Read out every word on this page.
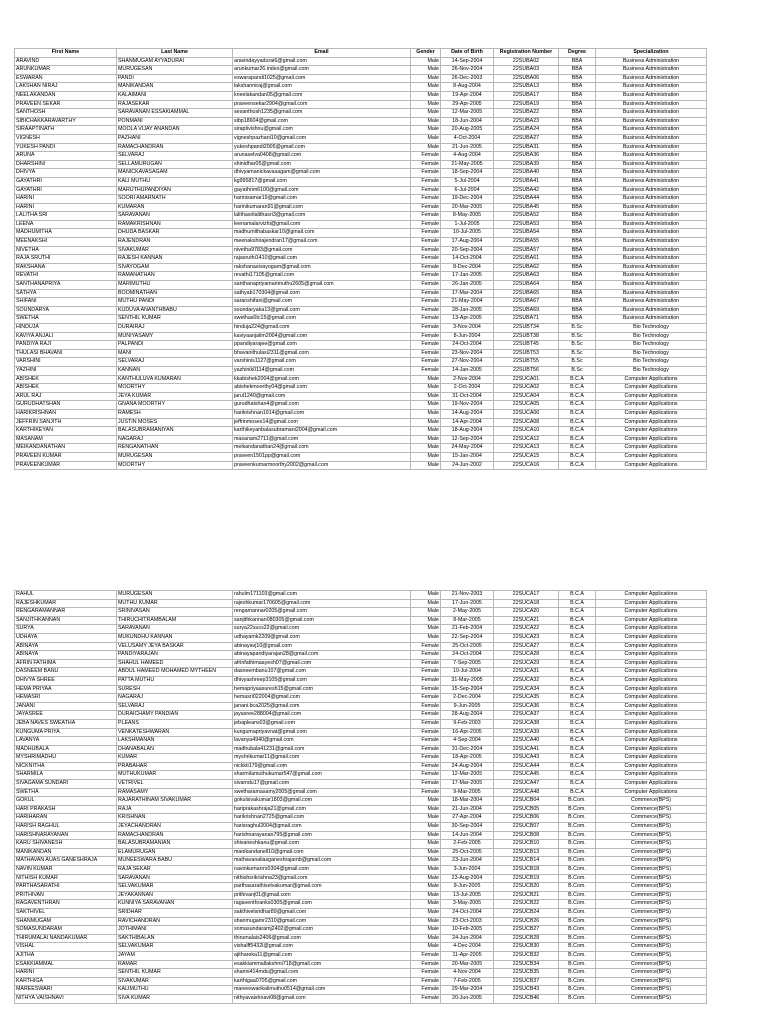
First Name	Last Name	Email	Gender	Date of Birth	Registration Number	Degree	Specialization
ARAVIND	SHANMUGAM AYYADURAI	aravindayyadurai6@gmail.com	Male	14-Sep-2004	22SUBA02	BBA	Business Administration
ARUNKUMAR	MURUGESAN	arunkumar26.index@gmail.com	Male	26-Nov-2004	22SUBA03	BBA	Business Administration
ESWARAN	PANDI	eswarapandi1025@gmail.com	Male	26-Dec-2003	22SUBA06	BBA	Business Administration
LAKSHAN NIRAJ	MANIKANDAN	lakshanniraj@gmail.com	Male	8-Aug-2004	22SUBA13	BBA	Business Administration
NEELAKANDAN	KALAIMANI	kneelakandan05@gmail.com	Male	19-Apr-2004	22SUBA17	BBA	Business Administration
PRAVEEN SEKAR	RAJASEKAR	praveensekar2904@gmail.com	Male	29-Apr-2005	22SUBA19	BBA	Business Administration
SANTHOSH	SARAVANAN ESSAKIAMMAL	sesanthosh1235@gmail.com	Male	12-Mar-2005	22SUBA22	BBA	Business Administration
SIBICHAKKARAVARTHY	PONMANI	sibp18604@gmail.com	Male	18-Jun-2004	22SUBA23	BBA	Business Administration
SIRAAPTINATH	MOOLA VIJAY ANANDAN	siraptivishnu@gmail.com	Male	20-Aug-2005	22SUBA24	BBA	Business Administration
VIGNESH	PAZHANI	vigneshpazhani10@gmail.com	Male	4-Oct-2004	22SUBA27	BBA	Business Administration
YUKESH PANDI	RAMACHANDRAN	yukeshpandi2005@gmail.com	Male	21-Jun-2005	22SUBA31	BBA	Business Administration
ARUNA	SELVARAJ	arunaselva0408@gmail.com	Female	4-Aug-2004	22SUBA36	BBA	Business Administration
DHARSHINI	SELLAMURUGAN	shinidhar05@gmail.com	Female	21-May-2005	22SUBA39	BBA	Business Administration
DHIVYA	MANICKAVASAGAM	dhivyamanickavasagam@gmail.com	Female	18-Sep-2004	22SUBA40	BBA	Business Administration
GAYATHRI	KALI MUTHU	kg995817@gmail.com	Female	5-Jul-2004	22SUBA41	BBA	Business Administration
GAYATHRI	MARUTHUPANDIYAN	gayathrim6100@gmail.com	Female	6-Jul-2004	22SUBA42	BBA	Business Administration
HARINI	SOORI AMARNATH	harinisamar19@gmail.com	Female	19-Dec-2004	22SUBA44	BBA	Business Administration
HARINI	KUMARAN	harinikumaran91@gmail.com	Female	20-Mar-2005	22SUBA45	BBA	Business Administration
LALITHA SRI	SARAVANAN	lalithasrilalithasri3@gmail.com	Female	8-May-2005	22SUBA52	BBA	Business Administration
LEENA	RAMAKRISHNAN	leenamalarvizhi@gmail.com	Female	1-Jul-2005	22SUBA53	BBA	Business Administration
MADHUMITHA	DHUDA BASKAR	madhumithabaskar10@gmail.com	Female	10-Jul-2005	22SUBA54	BBA	Business Administration
MEENAKSHI	RAJENDRAN	meenakshirajendran17@gmail.com	Female	17-Aug-2004	22SUBA55	BBA	Business Administration
NIVETHA	SIVAKUMAR	nivetha9783@gmail.com	Female	20-Sep-2004	22SUBA57	BBA	Business Administration
RAJA SRUTHI	RAJESH KANNAN	rajasruthi1410@gmail.com	Female	14-Oct-2004	22SUBA61	BBA	Business Administration
RAKSHANA	SIVAYOGAM	rakshanasivayogam@gmail.com	Female	8-Dec-2004	22SUBA62	BBA	Business Administration
REVATHI	RAMANATHAN	revathi17105@gmail.com	Female	17-Jan-2005	22SUBA63	BBA	Business Administration
SANTHANAPRIYA	MARIMUTHU	santhanapriyamarimuthu2605@gmail.com	Female	26-Jan-2005	22SUBA64	BBA	Business Administration
SATHYA	BOOMINATHAN	sathyab170304@gmail.com	Female	17-Mar-2004	22SUBA65	BBA	Business Administration
SHIFANI	MUTHU PANDI	saranshifani@gmail.com	Female	21-May-2004	22SUBA67	BBA	Business Administration
SOUNDARYA	KUDUVA ANANTHBABU	soundaryaka13@gmail.com	Female	28-Jan-2005	22SUBA69	BBA	Business Administration
SWETHA	SENTHIL KUMAR	swethas0tc15@gmail.com	Female	13-Apr-2005	22SUBA71	BBA	Business Administration
HINDUJA	DURAIRAJ	hinduja224@gmail.com	Female	3-Nov-2004	22SUBT34	B.Sc	Bio Technology
KAVIYA ANJALI	MUNIYASAMY	kaviyaanjalim2004@gmail.com	Female	8-Jun-2004	22SUBT38	B.Sc	Bio Technology
PANDIYA RAJI	PALPANDI	ppandiyarajee@gmail.com	Female	24-Oct-2004	22SUBT45	B.Sc	Bio Technology
THULASI BHAVANI	MANI	bhavanithulasi2311@gmail.com	Female	23-Nov-2004	22SUBT53	B.Sc	Bio Technology
VARSHINI	SELVARAJ	varshinis1127@gmail.com	Female	27-Nov-2004	22SUBT55	B.Sc	Bio Technology
YAZHINI	KANNAN	yazhinik0114@gmail.com	Female	14-Jan-2005	22SUBT56	B.Sc	Bio Technology
ABISHEK	KANTHULUVA KUMARAN	kkabishek2004@gmail.com	Male	2-Nov-2004	22SUCA01	B.C.A	Computer Applications
ABISHEK	MOORTHY	abishekmoorthy04@gmail.com	Male	2-Oct-2004	22SUCA02	B.C.A	Computer Applications
ARUL RAJ	JEYA KUMAR	jarul1240@gmail.com	Male	31-Oct-2004	22SUCA04	B.C.A	Computer Applications
GURUDHATSHAN	GNANA MOORTHY	gurudhatshan4@gmail.com	Male	19-Nov-2004	22SUCA05	B.C.A	Computer Applications
HARIKRISHNAN	RAMESH	harikrishnan1914@gmail.com	Male	14-Aug-2004	22SUCA06	B.C.A	Computer Applications
JEFFRIN SANJITH	JUSTIN MOSES	jeffrinmoses14@gmail.com	Male	14-Apr-2004	22SUCA08	B.C.A	Computer Applications
KARTHIKEYAN	BALASUBRAMANIYAN	karthikeyanbalasubramani2004@gmail.com	Male	18-Aug-2004	22SUCA10	B.C.A	Computer Applications
MASANAM	NAGARAJ	masanam2711@gmail.com	Male	12-Sep-2004	22SUCA12	B.C.A	Computer Applications
MEIKANDANATHAN	RENGANATHAN	meikandanathan24@gmail.com	Male	24-May-2004	22SUCA13	B.C.A	Computer Applications
PRAVEEN KUMAR	MURUGESAN	praveen1501pp@gmail.com	Male	15-Jan-2004	22SUCA15	B.C.A	Computer Applications
PRAVEENKUMAR	MOORTHY	praveenkumarmoorthy2002@gmail.com	Male	24-Jun-2002	22SUCA16	B.C.A	Computer Applications
RAHUL	MURUGESAN	rahulm171103@gmail.com	Male	21-Nov-2003	22SUCA17	B.C.A	Computer Applications
RAJESHKUMAR	MUTHU KUMAR	rajeshkumar170605@gmail.com	Male	17-Jun-2005	22SUCA18	B.C.A	Computer Applications
RENGARAMANNAR	SRINIVASAN	rengamannar0205@gmail.com	Male	2-May-2005	22SUCA20	B.C.A	Computer Applications
SANJITHKANNAN	THIRUCHITRAMBALAM	sanjithkannan080305@gmail.com	Male	8-Mar-2005	22SUCA21	B.C.A	Computer Applications
SURYA	SARAVANAN	surya22sucs22@gmail.com	Male	21-Feb-2004	22SUCA22	B.C.A	Computer Applications
UDHAYA	MUKUNDHU KANNAN	udhayamk2209@gmail.com	Male	22-Sep-2004	22SUCA23	B.C.A	Computer Applications
ABINAYA	VELUSAMY JEYA BASKAR	abinayavj10@gmail.com	Female	25-Oct-2005	22SUCA27	B.C.A	Computer Applications
ABINAYA	PANDIYARAJAN	abinayapandiyarajan28@gmail.com	Female	24-Oct-2004	22SUCA28	B.C.A	Computer Applications
AFRIN FATHIMA	SHAHUL HAMEED	afrinfathimaayesh07@gmail.com	Female	7-Sep-2005	22SUCA29	B.C.A	Computer Applications
DASNEEM BANU	ABDUL HAMEED MOHAMED MYTHEEN	dasneembanu107@gmail.com	Female	10-Jul-2004	22SUCA31	B.C.A	Computer Applications
DHIVYA SHREE	PATTA MUTHU	dhivyashreep3105@gmail.com	Female	31-May-2005	22SUCA32	B.C.A	Computer Applications
HEMA PRIYAA	SURESH	hemapriyaasuresh15@gmail.com	Female	15-Sep-2004	22SUCA34	B.C.A	Computer Applications
HEMASRI	NAGARAJ	hemasri022004@gmail.com	Female	2-Dec-2004	22SUCA35	B.C.A	Computer Applications
JANANI	SELVARAJ	janani.bca2025@gmail.com	Female	9-Jun-2005	22SUCA36	B.C.A	Computer Applications
JAYASREE	DURAICHAMY PANDIAN	jayasree288004@gmail.com	Female	28-Aug-2004	22SUCA37	B.C.A	Computer Applications
JEBA NAVES SWEATHA	PLEANS	jebapleans03@gmail.com	Female	9-Feb-2003	22SUCA38	B.C.A	Computer Applications
KUNGUMA PRIYA	VENKATESHWARAN	kungumapriyavnat@gmail.com	Female	16-Apr-2005	22SUCA39	B.C.A	Computer Applications
LAVANYA	LAKSHMANAN	lavanya4940@gmail.com	Female	4-Sep-2004	22SUCA40	B.C.A	Computer Applications
MADHUBALA	DHANABALAN	madhubala41231@gmail.com	Female	31-Dec-2004	22SUCA41	B.C.A	Computer Applications
MYSHRIMADHU	KUMAR	myshrikumar11@gmail.com	Female	18-Apr-2005	22SUCA43	B.C.A	Computer Applications
NICKNITHA	PRABAHAR	nickkti179@gmail.com	Female	24-Aug-2004	22SUCA44	B.C.A	Computer Applications
SHARMILA	MUTHUKUMAR	sharmilamuthukumar547@gmail.com	Female	12-Mar-2005	22SUCA45	B.C.A	Computer Applications
SIVAGAMA SUNDARI	VETRIVEL	sivamdu17@gmail.com	Female	17-Mar-2005	22SUCA47	B.C.A	Computer Applications
SWETHA	RAMASAMY	swetharamasamy2005@gmail.com	Female	9-Mar-2005	22SUCA48	B.C.A	Computer Applications
GOKUL	RAJARATHINAM SIVAKUMAR	gokulsivakumar1803@gmail.com	Male	18-Mar-2004	22SUCB04	B.Com.	Commerce(BPS)
HARI PRAKASH	RAJA	hariprakashraja21@gmail.com	Male	21-Jun-2004	22SUCB05	B.Com.	Commerce(BPS)
HARIHARAN	KRISHNAN	harikrishnan2725@gmail.com	Male	27-Apr-2004	22SUCB06	B.Com.	Commerce(BPS)
HARISH RAGHUL	JEYACHANDRAN	harisraghul2004@gmail.com	Male	30-Sep-2004	22SUCB07	B.Com.	Commerce(BPS)
HARISHNARAYANAN	RAMACHANDRAN	harishnarayanan795@gmail.com	Male	14-Jun-2004	22SUCB08	B.Com.	Commerce(BPS)
KARU SHIVANESH	BALASUBRAMANIAN	shivaneshkanu@gmail.com	Male	2-Feb-2005	22SUCB10	B.Com.	Commerce(BPS)
MANIKANDAN	ELAMURUGAN	manikandanell10@gmail.com	Male	25-Oct-2005	22SUCB13	B.Com.	Commerce(BPS)
MATHAVAN AUAS GANESHRAJA	MUNEESWARA BABU	mathavanaliasganeshrajamb@gmail.com	Male	23-Jun-2004	22SUCB14	B.Com.	Commerce(BPS)
NAVIN KUMAR	RAJA SEKAR	navinkumarrrs0304@gmail.com	Male	3-Jun-2004	22SUCB18	B.Com.	Commerce(BPS)
NITHISH KUMAR	SARAVANAN	nithishsrikrishna23@gmail.com	Male	23-Aug-2004	22SUCB19	B.Com.	Commerce(BPS)
PARTHASARATHI	SELVAKUMAR	parthasarathiselvakumar@gmail.com	Male	9-Jun-2005	22SUCB20	B.Com.	Commerce(BPS)
PRITHIVAN	JEYAKANNAN	prithivanj01@gmail.com	Male	13-Jul-2005	22SUCB21	B.Com.	Commerce(BPS)
RAGAVENTHRAN	KUNNIYA SARAVANAN	ragaventhranks0305@gmail.com	Male	3-May-2005	22SUCB22	B.Com.	Commerce(BPS)
SAKTHIVEL	SRIDHAR	sakthivelsridhar89@gmail.com	Male	24-Oct-2004	22SUCB24	B.Com.	Commerce(BPS)
SHANMUGAM	RAVICHANDRAN	shanmugamr2310@gmail.com	Male	23-Oct-2003	22SUCB26	B.Com.	Commerce(BPS)
SOMASUNDARAM	JOTHIMANI	somasundaramj2402@gmail.com	Male	10-Feb-2005	22SUCB27	B.Com.	Commerce(BPS)
THIRUMALAI NANDAKUMAR	SAKTHIBALAN	thirumalais2406@gmail.com	Male	24-Jun-2004	22SUCB28	B.Com.	Commerce(BPS)
VISHAL	SELVAKUMAR	vishalff5432l@gmail.com	Male	4-Dec-2004	22SUCB30	B.Com.	Commerce(BPS)
AJITHA	JAYAM	ajithareka11@gmail.com	Female	11-Apr-2005	22SUCB32	B.Com.	Commerce(BPS)
ESAKKIAMMAL	RAMAR	esakkiammallakshmi718@gmail.com	Female	20-Mar-2005	22SUCB34	B.Com.	Commerce(BPS)
HARINI	SENTHIL KUMAR	sharini414mdu@gmail.com	Female	4-Nov-2004	22SUCB35	B.Com.	Commerce(BPS)
KARTHIGA	SIVAKUMAR	karthigaa0705@gmail.com	Female	7-Feb-2005	22SUCB37	B.Com.	Commerce(BPS)
MAREESWARI	KALIMUTHU	mareeswarikalimuthu0514@gmail.com	Female	29-Mar-2004	22SUCB43	B.Com.	Commerce(BPS)
NITHYA VAISHNAVI	SIVA KUMAR	nithyavaishnavi08@gmail.com	Female	20-Jun-2005	22SUCB46	B.Com.	Commerce(BPS)
